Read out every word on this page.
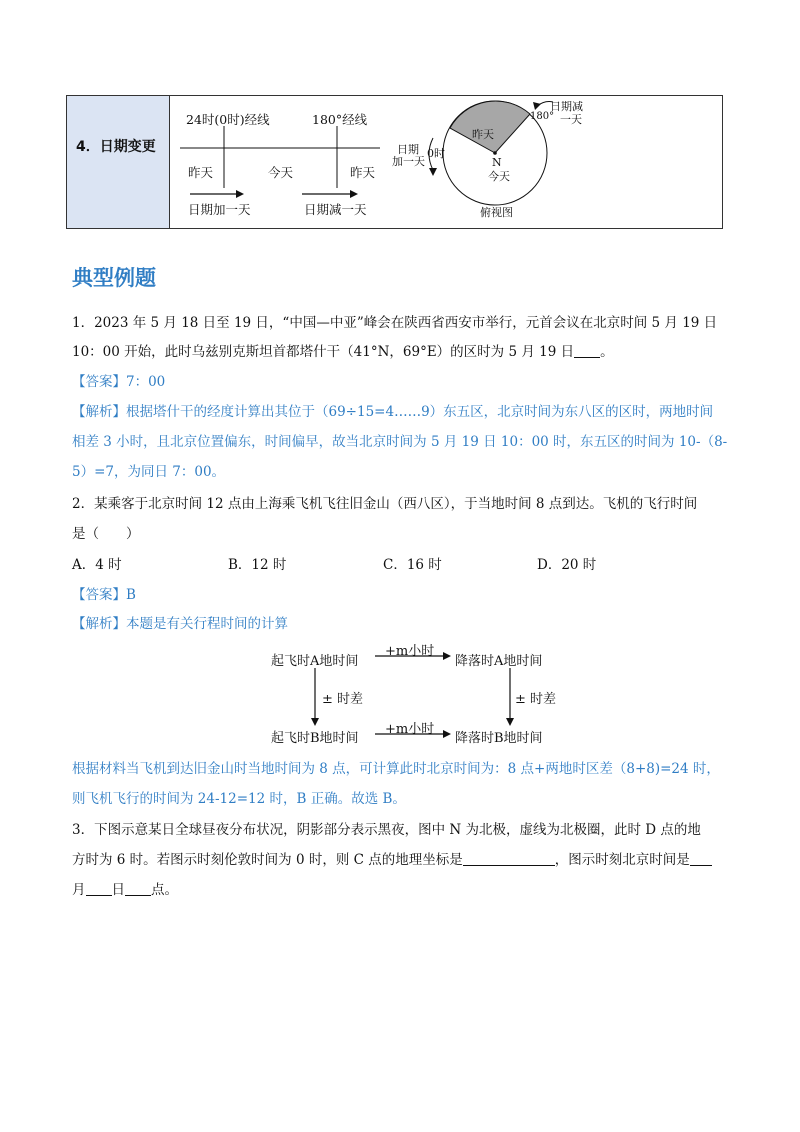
4．日期变更
24时(0时)经线	180°经线
昨天	今天	昨天
日期加一天	日期减一天
日期
加一天
0时
180°
日期减
一天
昨天
N
今天
俯视图
典型例题
1．2023 年 5 月 18 日至 19 日，“中国—中亚”峰会在陕西省西安市举行，元首会议在北京时间 5 月 19 日
10：00 开始，此时乌兹别克斯坦首都塔什干（41°N，69°E）的区时为 5 月 19 日 。
【答案】7：00
【解析】根据塔什干的经度计算出其位于（69÷15=4……9）东五区，北京时间为东八区的区时，两地时间
相差 3 小时，且北京位置偏东，时间偏早，故当北京时间为 5 月 19 日 10：00 时，东五区的时间为 10-（8-
5）=7，为同日 7：00。
2．某乘客于北京时间 12 点由上海乘飞机飞往旧金山（西八区），于当地时间 8 点到达。飞机的飞行时间
是（　　）
A．4 时	B．12 时	C．16 时	D．20 时
【答案】B
【解析】本题是有关行程时间的计算
起飞时A地时间	降落时A地时间
起飞时B地时间	降落时B地时间
+m小时
+m小时
± 时差	± 时差
根据材料当飞机到达旧金山时当地时间为 8 点，可计算此时北京时间为：8 点+两地时区差（8+8)=24 时，
则飞机飞行的时间为 24-12=12 时，B 正确。故选 B。
3．下图示意某日全球昼夜分布状况，阴影部分表示黑夜，图中 N 为北极，虚线为北极圈，此时 D 点的地
方时为 6 时。若图示时刻伦敦时间为 0 时，则 C 点的地理坐标是	，图示时刻北京时间是
月 日 点。
